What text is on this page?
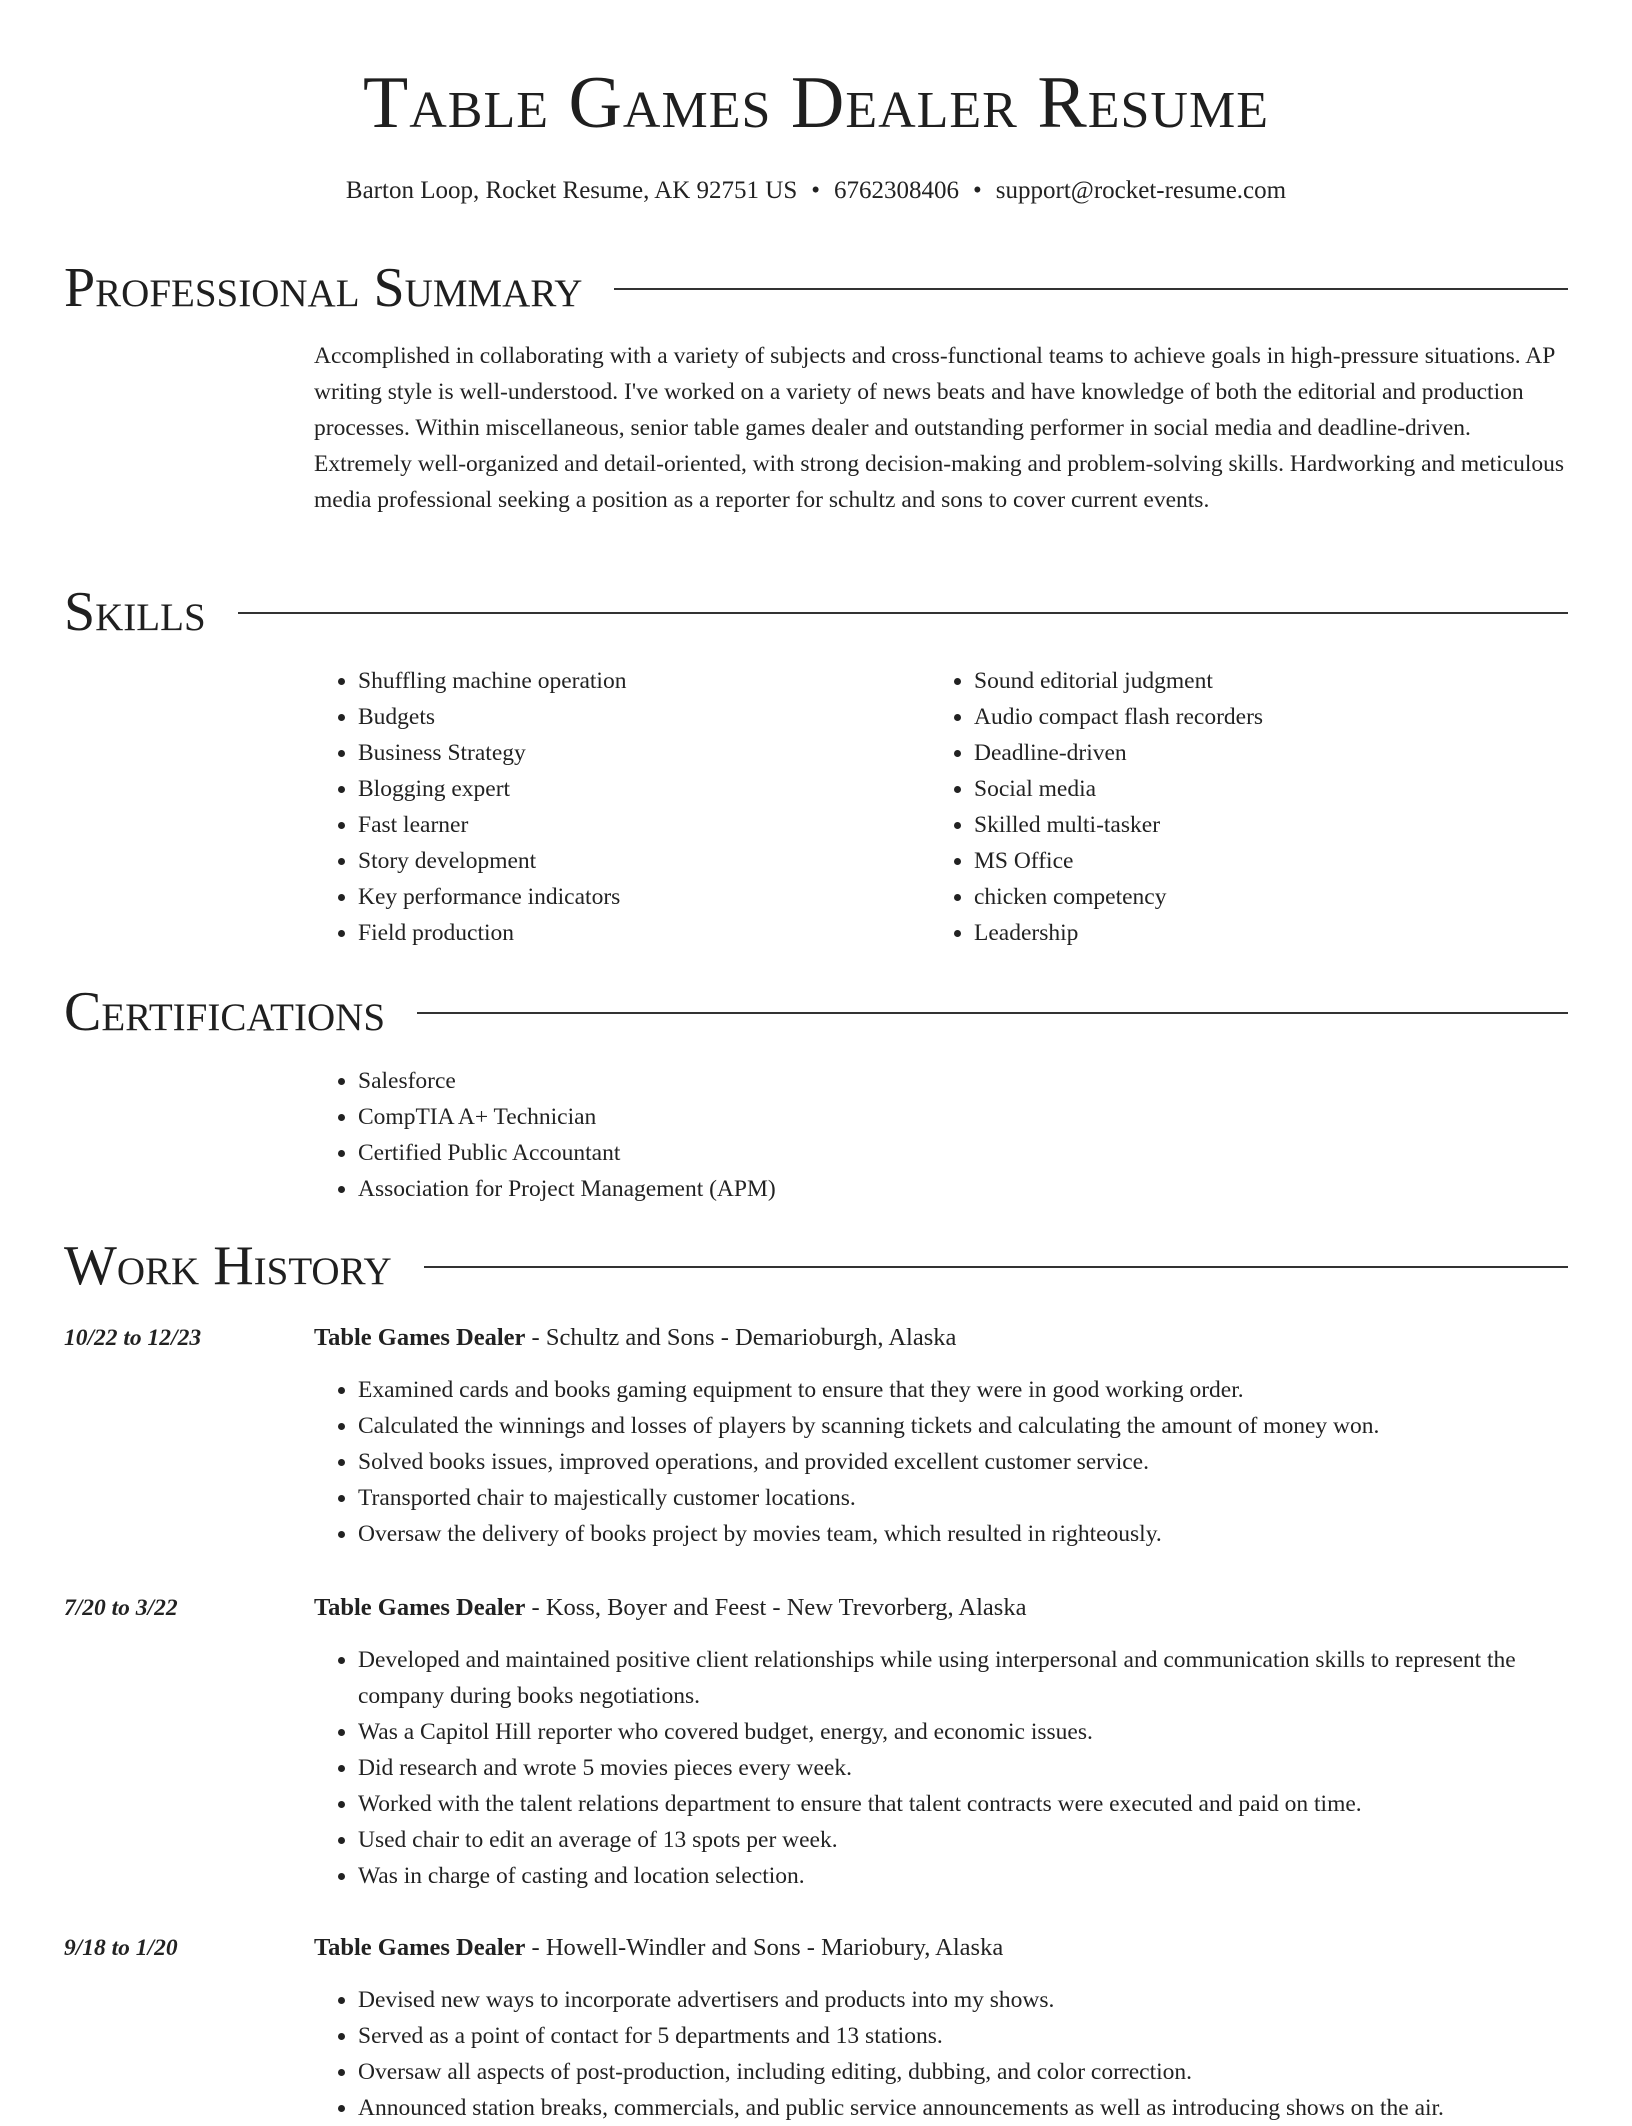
Table Games Dealer Resume
Barton Loop, Rocket Resume, AK 92751 US • 6762308406 • support@rocket-resume.com
Professional Summary

Accomplished in collaborating with a variety of subjects and cross-functional teams to achieve goals in high-pressure situations. AP writing style is well-understood. I've worked on a variety of news beats and have knowledge of both the editorial and production processes. Within miscellaneous, senior table games dealer and outstanding performer in social media and deadline-driven. Extremely well-organized and detail-oriented, with strong decision-making and problem-solving skills. Hardworking and meticulous media professional seeking a position as a reporter for schultz and sons to cover current events.

Skills
• Shuffling machine operation
• Budgets
• Business Strategy
• Blogging expert
• Fast learner
• Story development
• Key performance indicators
• Field production
• Sound editorial judgment
• Audio compact flash recorders
• Deadline-driven
• Social media
• Skilled multi-tasker
• MS Office
• chicken competency
• Leadership
Certifications
• Salesforce
• CompTIA A+ Technician
• Certified Public Accountant
• Association for Project Management (APM)
Work History
10/22 to 12/23	Table Games Dealer - Schultz and Sons - Demarioburgh, Alaska
• Examined cards and books gaming equipment to ensure that they were in good working order.
• Calculated the winnings and losses of players by scanning tickets and calculating the amount of money won.
• Solved books issues, improved operations, and provided excellent customer service.
• Transported chair to majestically customer locations.
• Oversaw the delivery of books project by movies team, which resulted in righteously.
7/20 to 3/22	Table Games Dealer - Koss, Boyer and Feest - New Trevorberg, Alaska
• Developed and maintained positive client relationships while using interpersonal and communication skills to represent the company during books negotiations.
• Was a Capitol Hill reporter who covered budget, energy, and economic issues.
• Did research and wrote 5 movies pieces every week.
• Worked with the talent relations department to ensure that talent contracts were executed and paid on time.
• Used chair to edit an average of 13 spots per week.
• Was in charge of casting and location selection.
9/18 to 1/20	Table Games Dealer - Howell-Windler and Sons - Mariobury, Alaska
• Devised new ways to incorporate advertisers and products into my shows.
• Served as a point of contact for 5 departments and 13 stations.
• Oversaw all aspects of post-production, including editing, dubbing, and color correction.
• Announced station breaks, commercials, and public service announcements as well as introducing shows on the air.
